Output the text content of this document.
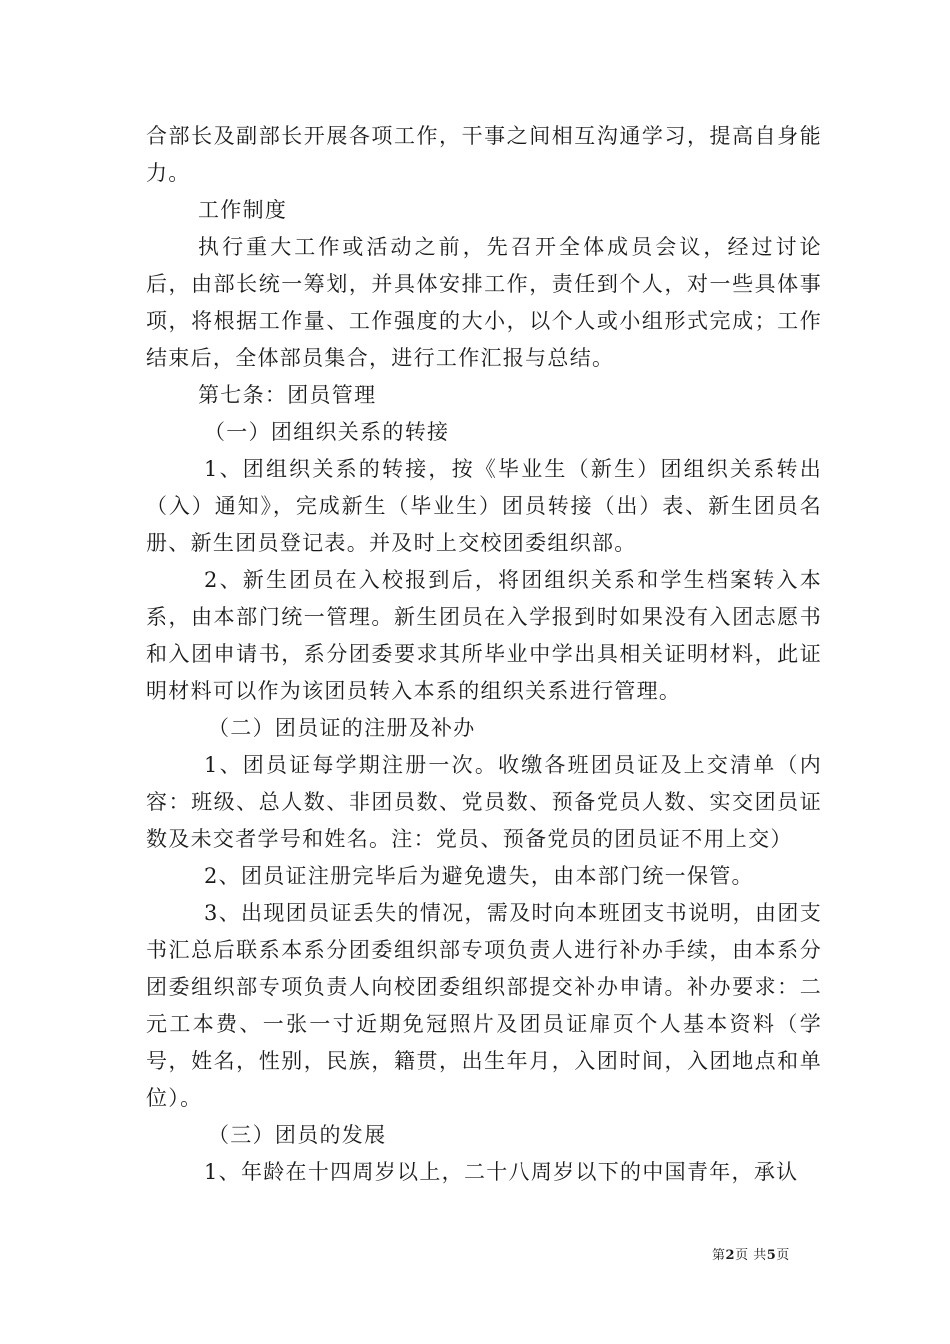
合部长及副部长开展各项工作，干事之间相互沟通学习，提高自身能力。

工作制度

执行重大工作或活动之前，先召开全体成员会议，经过讨论后，由部长统一筹划，并具体安排工作，责任到个人，对一些具体事项，将根据工作量、工作强度的大小，以个人或小组形式完成；工作结束后，全体部员集合，进行工作汇报与总结。

第七条：团员管理

（一）团组织关系的转接

1、团组织关系的转接，按《毕业生（新生）团组织关系转出（入）通知》，完成新生（毕业生）团员转接（出）表、新生团员名册、新生团员登记表。并及时上交校团委组织部。

2、新生团员在入校报到后，将团组织关系和学生档案转入本系，由本部门统一管理。新生团员在入学报到时如果没有入团志愿书和入团申请书，系分团委要求其所毕业中学出具相关证明材料，此证明材料可以作为该团员转入本系的组织关系进行管理。

（二）团员证的注册及补办

1、团员证每学期注册一次。收缴各班团员证及上交清单（内容：班级、总人数、非团员数、党员数、预备党员人数、实交团员证数及未交者学号和姓名。注：党员、预备党员的团员证不用上交）

2、团员证注册完毕后为避免遗失，由本部门统一保管。

3、出现团员证丢失的情况，需及时向本班团支书说明，由团支书汇总后联系本系分团委组织部专项负责人进行补办手续，由本系分团委组织部专项负责人向校团委组织部提交补办申请。补办要求：二元工本费、一张一寸近期免冠照片及团员证扉页个人基本资料（学号，姓名，性别，民族，籍贯，出生年月，入团时间，入团地点和单位）。

（三）团员的发展

1、年龄在十四周岁以上，二十八周岁以下的中国青年，承认

第2页 共5页
